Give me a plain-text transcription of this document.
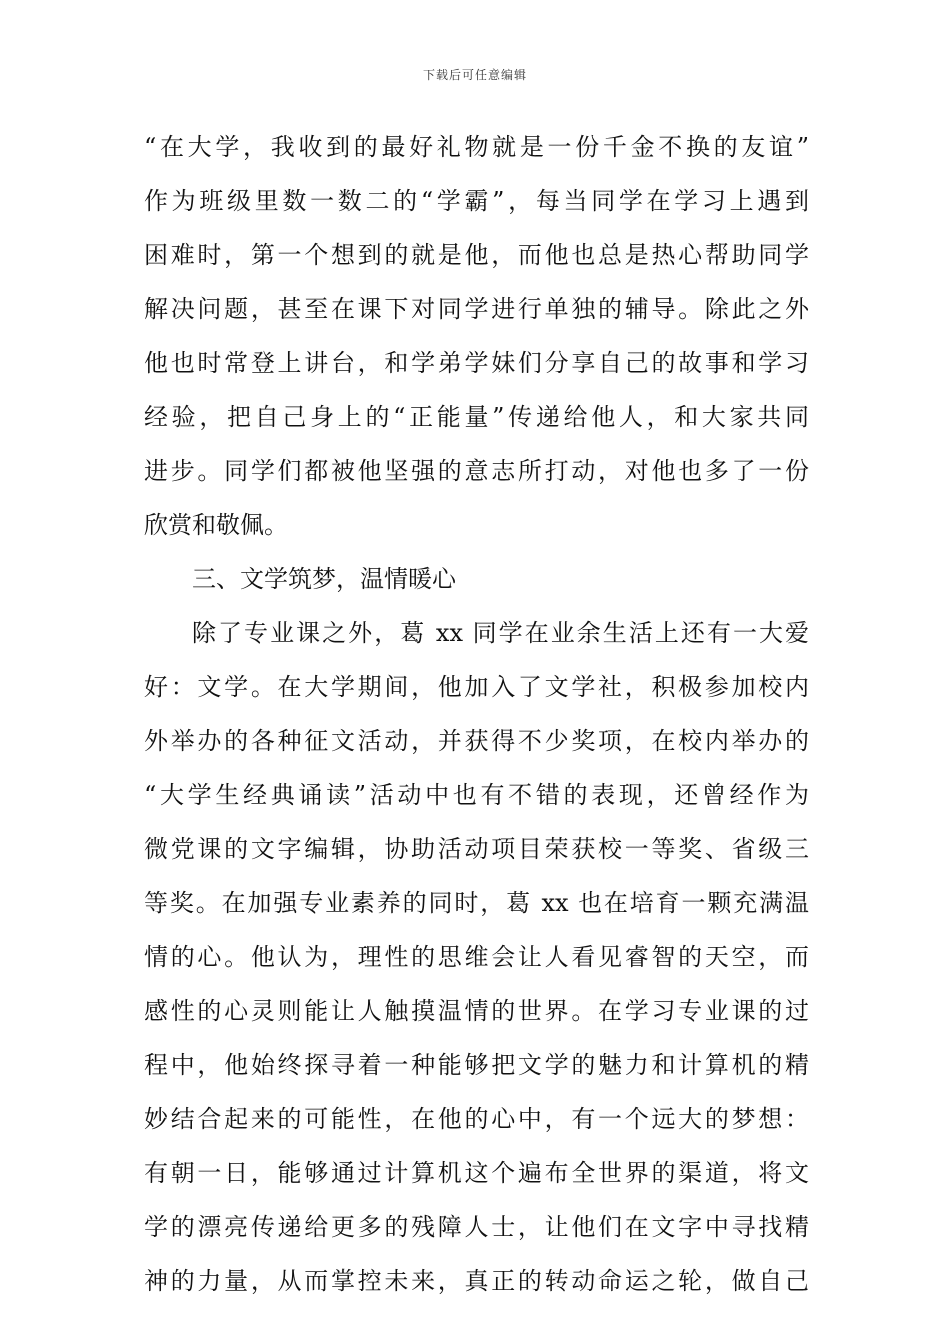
下载后可任意编辑
“在大学，我收到的最好礼物就是一份千金不换的友谊”
作为班级里数一数二的“学霸”，每当同学在学习上遇到
困难时，第一个想到的就是他，而他也总是热心帮助同学
解决问题，甚至在课下对同学进行单独的辅导。除此之外
他也时常登上讲台，和学弟学妹们分享自己的故事和学习
经验，把自己身上的“正能量”传递给他人，和大家共同
进步。同学们都被他坚强的意志所打动，对他也多了一份
欣赏和敬佩。
三、文学筑梦，温情暖心
除了专业课之外，葛 xx 同学在业余生活上还有一大爱
好：文学。在大学期间，他加入了文学社，积极参加校内
外举办的各种征文活动，并获得不少奖项，在校内举办的
“大学生经典诵读”活动中也有不错的表现，还曾经作为
微党课的文字编辑，协助活动项目荣获校一等奖、省级三
等奖。在加强专业素养的同时，葛 xx 也在培育一颗充满温
情的心。他认为，理性的思维会让人看见睿智的天空，而
感性的心灵则能让人触摸温情的世界。在学习专业课的过
程中，他始终探寻着一种能够把文学的魅力和计算机的精
妙结合起来的可能性，在他的心中，有一个远大的梦想：
有朝一日，能够通过计算机这个遍布全世界的渠道，将文
学的漂亮传递给更多的残障人士，让他们在文字中寻找精
神的力量，从而掌控未来，真正的转动命运之轮，做自己
